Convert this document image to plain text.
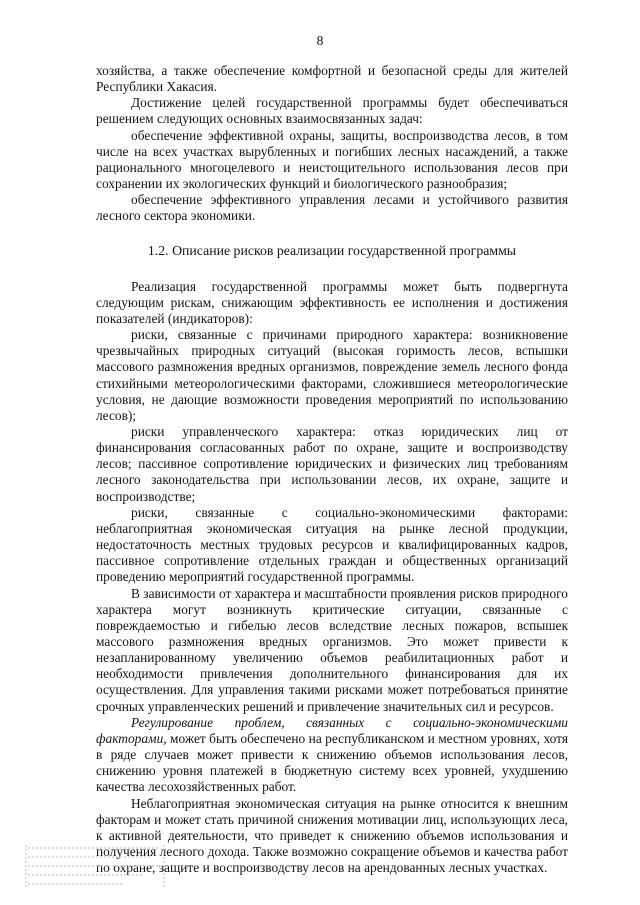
8

хозяйства, а также обеспечение комфортной и безопасной среды для жителей Республики Хакасия.

Достижение целей государственной программы будет обеспечиваться решением следующих основных взаимосвязанных задач:

обеспечение эффективной охраны, защиты, воспроизводства лесов, в том числе на всех участках вырубленных и погибших лесных насаждений, а также рационального многоцелевого и неистощительного использования лесов при сохранении их экологических функций и биологического разнообразия;

обеспечение эффективного управления лесами и устойчивого развития лесного сектора экономики.

1.2. Описание рисков реализации государственной программы

Реализация государственной программы может быть подвергнута следующим рискам, снижающим эффективность ее исполнения и достижения показателей (индикаторов):

риски, связанные с причинами природного характера: возникновение чрезвычайных природных ситуаций (высокая горимость лесов, вспышки массового размножения вредных организмов, повреждение земель лесного фонда стихийными метеорологическими факторами, сложившиеся метеорологические условия, не дающие возможности проведения мероприятий по использованию лесов);

риски управленческого характера: отказ юридических лиц от финансирования согласованных работ по охране, защите и воспроизводству лесов; пассивное сопротивление юридических и физических лиц требованиям лесного законодательства при использовании лесов, их охране, защите и воспроизводстве;

риски, связанные с социально-экономическими факторами: неблагоприятная экономическая ситуация на рынке лесной продукции, недостаточность местных трудовых ресурсов и квалифицированных кадров, пассивное сопротивление отдельных граждан и общественных организаций проведению мероприятий государственной программы.

В зависимости от характера и масштабности проявления рисков природного характера могут возникнуть критические ситуации, связанные с повреждаемостью и гибелью лесов вследствие лесных пожаров, вспышек массового размножения вредных организмов. Это может привести к незапланированному увеличению объемов реабилитационных работ и необходимости привлечения дополнительного финансирования для их осуществления. Для управления такими рисками может потребоваться принятие срочных управленческих решений и привлечение значительных сил и ресурсов.

Регулирование проблем, связанных с социально-экономическими факторами, может быть обеспечено на республиканском и местном уровнях, хотя в ряде случаев может привести к снижению объемов использования лесов, снижению уровня платежей в бюджетную систему всех уровней, ухудшению качества лесохозяйственных работ.

Неблагоприятная экономическая ситуация на рынке относится к внешним факторам и может стать причиной снижения мотивации лиц, использующих леса, к активной деятельности, что приведет к снижению объемов использования и получения лесного дохода. Также возможно сокращение объемов и качества работ по охране, защите и воспроизводству лесов на арендованных лесных участках.
